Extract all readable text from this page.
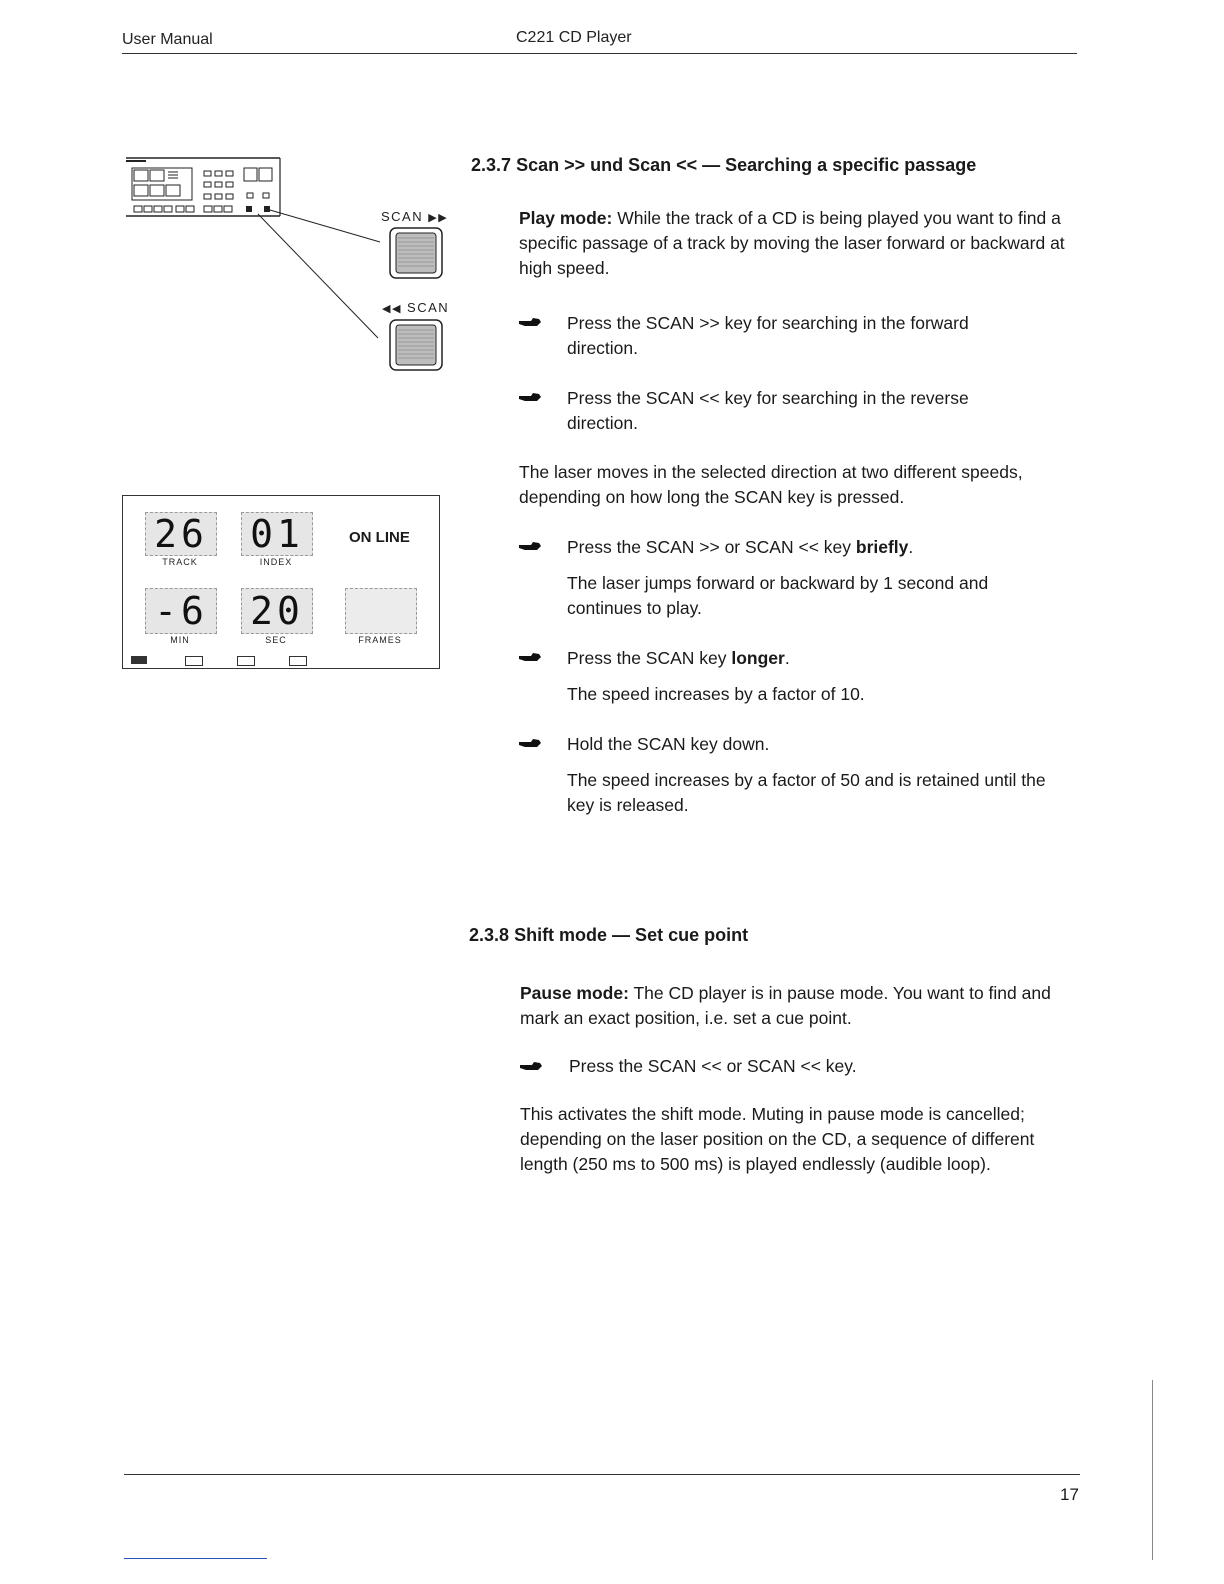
User Manual	C221 CD Player
SCAN ▶▶
◀◀ SCAN
26
TRACK
01
INDEX
ON LINE
-6
MIN
20
SEC	FRAMES
2.3.7 Scan >> und Scan << — Searching a specific passage
Play mode: While the track of a CD is being played you want to find a specific passage of a track by moving the laser forward or backward at high speed.
Press the SCAN >> key for searching in the forward direction.
Press the SCAN << key for searching in the reverse direction.
The laser moves in the selected direction at two different speeds, depending on how long the SCAN key is pressed.
Press the SCAN >> or SCAN << key briefly.
The laser jumps forward or backward by 1 second and continues to play.
Press the SCAN key longer.
The speed increases by a factor of 10.
Hold the SCAN key down.
The speed increases by a factor of 50 and is retained until the key is released.
2.3.8 Shift mode — Set cue point
Pause mode: The CD player is in pause mode. You want to find and mark an exact position, i.e. set a cue point.
Press the SCAN << or SCAN << key.
This activates the shift mode. Muting in pause mode is cancelled; depending on the laser position on the CD, a sequence of different length (250 ms to 500 ms) is played endlessly (audible loop).
17
